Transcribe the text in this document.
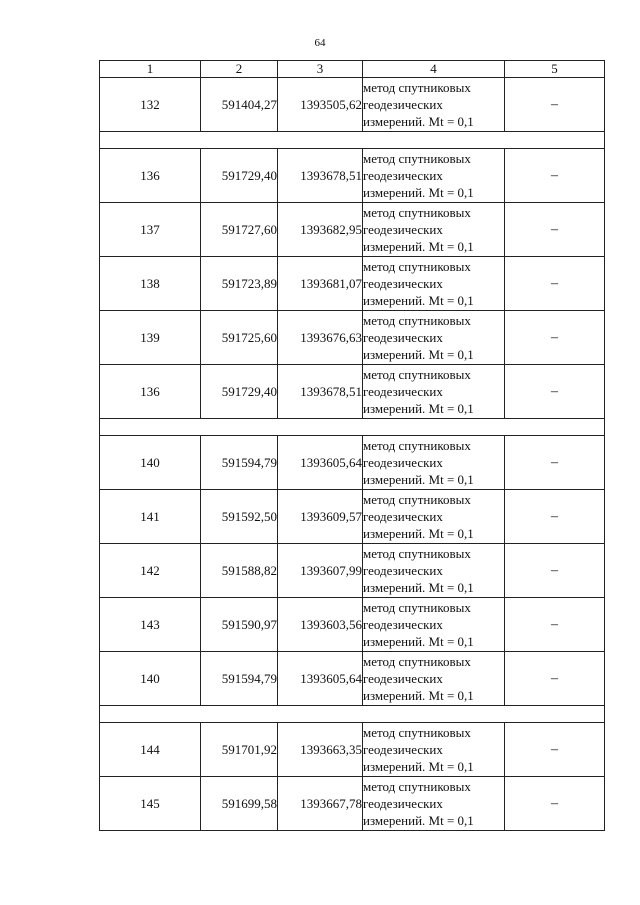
64
1	2	3	4	5
132	591404,27	1393505,62	метод спутниковых
геодезических
измерений. Mt = 0,1	–

136	591729,40	1393678,51	метод спутниковых
геодезических
измерений. Mt = 0,1	–
137	591727,60	1393682,95	метод спутниковых
геодезических
измерений. Mt = 0,1	–
138	591723,89	1393681,07	метод спутниковых
геодезических
измерений. Mt = 0,1	–
139	591725,60	1393676,63	метод спутниковых
геодезических
измерений. Mt = 0,1	–
136	591729,40	1393678,51	метод спутниковых
геодезических
измерений. Mt = 0,1	–

140	591594,79	1393605,64	метод спутниковых
геодезических
измерений. Mt = 0,1	–
141	591592,50	1393609,57	метод спутниковых
геодезических
измерений. Mt = 0,1	–
142	591588,82	1393607,99	метод спутниковых
геодезических
измерений. Mt = 0,1	–
143	591590,97	1393603,56	метод спутниковых
геодезических
измерений. Mt = 0,1	–
140	591594,79	1393605,64	метод спутниковых
геодезических
измерений. Mt = 0,1	–

144	591701,92	1393663,35	метод спутниковых
геодезических
измерений. Mt = 0,1	–
145	591699,58	1393667,78	метод спутниковых
геодезических
измерений. Mt = 0,1	–
